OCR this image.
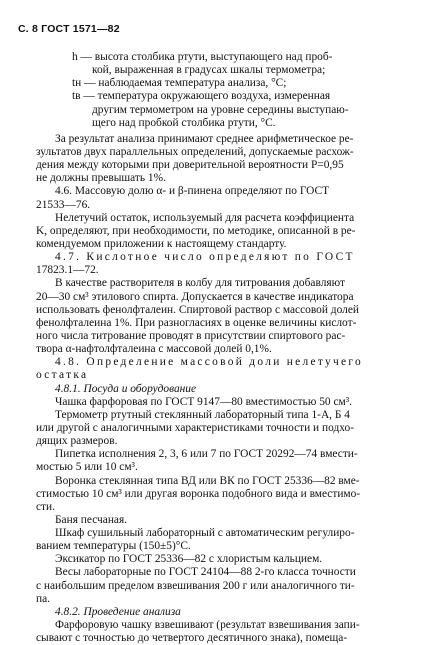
С. 8 ГОСТ 1571—82
h — высота столбика ртути, выступающего над проб-
кой, выраженная в градусах шкалы термометра;
tн — наблюдаемая температура анализа, °С;
tв — температура окружающего воздуха, измеренная
другим термометром на уровне середины выступаю-
щего над пробкой столбика ртути, °С.
За результат анализа принимают среднее арифметическое ре-
зультатов двух параллельных определений, допускаемые расхож-
дения между которыми при доверительной вероятности P=0,95
не должны превышать 1%.
4.6. Массовую долю α- и β-пинена определяют по ГОСТ
21533—76.
Нелетучий остаток, используемый для расчета коэффициента
K, определяют, при необходимости, по методике, описанной в ре-
комендуемом приложении к настоящему стандарту.
4.7. Кислотное число определяют по ГОСТ
17823.1—72.
В качестве растворителя в колбу для титрования добавляют
20—30 см³ этилового спирта. Допускается в качестве индикатора
использовать фенолфталеин. Спиртовой раствор с массовой долей
фенолфталеина 1%. При разногласиях в оценке величины кислот-
ного числа титрование проводят в присутствии спиртового рас-
твора α-нафтолфталеина с массовой долей 0,1%.
4.8. Определение массовой доли нелетучего
остатка
4.8.1. Посуда и оборудование
Чашка фарфоровая по ГОСТ 9147—80 вместимостью 50 см³.
Термометр ртутный стеклянный лабораторный типа 1-А, Б 4
или другой с аналогичными характеристиками точности и подхо-
дящих размеров.
Пипетка исполнения 2, 3, 6 или 7 по ГОСТ 20292—74 вмести-
мостью 5 или 10 см³.
Воронка стеклянная типа ВД или ВК по ГОСТ 25336—82 вме-
стимостью 10 см³ или другая воронка подобного вида и вместимо-
сти.
Баня песчаная.
Шкаф сушильный лабораторный с автоматическим регулиро-
ванием температуры (150±5)°С.
Эксикатор по ГОСТ 25336—82 с хлористым кальцием.
Весы лабораторные по ГОСТ 24104—88 2-го класса точности
с наибольшим пределом взвешивания 200 г или аналогичного ти-
па.
4.8.2. Проведение анализа
Фарфоровую чашку взвешивают (результат взвешивания запи-
сывают с точностью до четвертого десятичного знака), помеща-
